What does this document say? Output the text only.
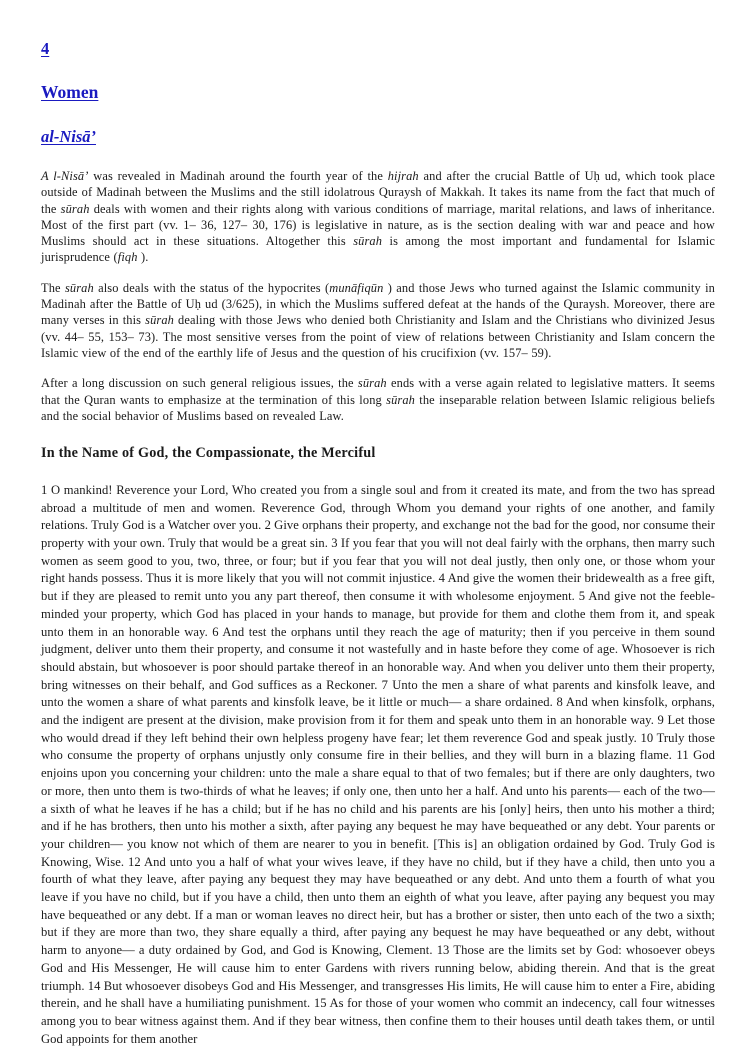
4
Women
al-Nisā’

A l-Nisā’ was revealed in Madinah around the fourth year of the hijrah and after the crucial Battle of Uḥ ud, which took place outside of Madinah between the Muslims and the still idolatrous Quraysh of Makkah. It takes its name from the fact that much of the sūrah deals with women and their rights along with various conditions of marriage, marital relations, and laws of inheritance. Most of the first part (vv. 1– 36, 127– 30, 176) is legislative in nature, as is the section dealing with war and peace and how Muslims should act in these situations. Altogether this sūrah is among the most important and fundamental for Islamic jurisprudence (fiqh ).

The sūrah also deals with the status of the hypocrites (munāfiqūn ) and those Jews who turned against the Islamic community in Madinah after the Battle of Uḥ ud (3/625), in which the Muslims suffered defeat at the hands of the Quraysh. Moreover, there are many verses in this sūrah dealing with those Jews who denied both Christianity and Islam and the Christians who divinized Jesus (vv. 44– 55, 153– 73). The most sensitive verses from the point of view of relations between Christianity and Islam concern the Islamic view of the end of the earthly life of Jesus and the question of his crucifixion (vv. 157– 59).

After a long discussion on such general religious issues, the sūrah ends with a verse again related to legislative matters. It seems that the Quran wants to emphasize at the termination of this long sūrah the inseparable relation between Islamic religious beliefs and the social behavior of Muslims based on revealed Law.

In the Name of God, the Compassionate, the Merciful

1 O mankind! Reverence your Lord, Who created you from a single soul and from it created its mate, and from the two has spread abroad a multitude of men and women. Reverence God, through Whom you demand your rights of one another, and family relations. Truly God is a Watcher over you. 2 Give orphans their property, and exchange not the bad for the good, nor consume their property with your own. Truly that would be a great sin. 3 If you fear that you will not deal fairly with the orphans, then marry such women as seem good to you, two, three, or four; but if you fear that you will not deal justly, then only one, or those whom your right hands possess. Thus it is more likely that you will not commit injustice. 4 And give the women their bridewealth as a free gift, but if they are pleased to remit unto you any part thereof, then consume it with wholesome enjoyment. 5 And give not the feeble-minded your property, which God has placed in your hands to manage, but provide for them and clothe them from it, and speak unto them in an honorable way. 6 And test the orphans until they reach the age of maturity; then if you perceive in them sound judgment, deliver unto them their property, and consume it not wastefully and in haste before they come of age. Whosoever is rich should abstain, but whosoever is poor should partake thereof in an honorable way. And when you deliver unto them their property, bring witnesses on their behalf, and God suffices as a Reckoner. 7 Unto the men a share of what parents and kinsfolk leave, and unto the women a share of what parents and kinsfolk leave, be it little or much— a share ordained. 8 And when kinsfolk, orphans, and the indigent are present at the division, make provision from it for them and speak unto them in an honorable way. 9 Let those who would dread if they left behind their own helpless progeny have fear; let them reverence God and speak justly. 10 Truly those who consume the property of orphans unjustly only consume fire in their bellies, and they will burn in a blazing flame. 11 God enjoins upon you concerning your children: unto the male a share equal to that of two females; but if there are only daughters, two or more, then unto them is two-thirds of what he leaves; if only one, then unto her a half. And unto his parents— each of the two— a sixth of what he leaves if he has a child; but if he has no child and his parents are his [only] heirs, then unto his mother a third; and if he has brothers, then unto his mother a sixth, after paying any bequest he may have bequeathed or any debt. Your parents or your children— you know not which of them are nearer to you in benefit. [This is] an obligation ordained by God. Truly God is Knowing, Wise. 12 And unto you a half of what your wives leave, if they have no child, but if they have a child, then unto you a fourth of what they leave, after paying any bequest they may have bequeathed or any debt. And unto them a fourth of what you leave if you have no child, but if you have a child, then unto them an eighth of what you leave, after paying any bequest you may have bequeathed or any debt. If a man or woman leaves no direct heir, but has a brother or sister, then unto each of the two a sixth; but if they are more than two, they share equally a third, after paying any bequest he may have bequeathed or any debt, without harm to anyone— a duty ordained by God, and God is Knowing, Clement. 13 Those are the limits set by God: whosoever obeys God and His Messenger, He will cause him to enter Gardens with rivers running below, abiding therein. And that is the great triumph. 14 But whosoever disobeys God and His Messenger, and transgresses His limits, He will cause him to enter a Fire, abiding therein, and he shall have a humiliating punishment. 15 As for those of your women who commit an indecency, call four witnesses among you to bear witness against them. And if they bear witness, then confine them to their houses until death takes them, or until God appoints for them another
